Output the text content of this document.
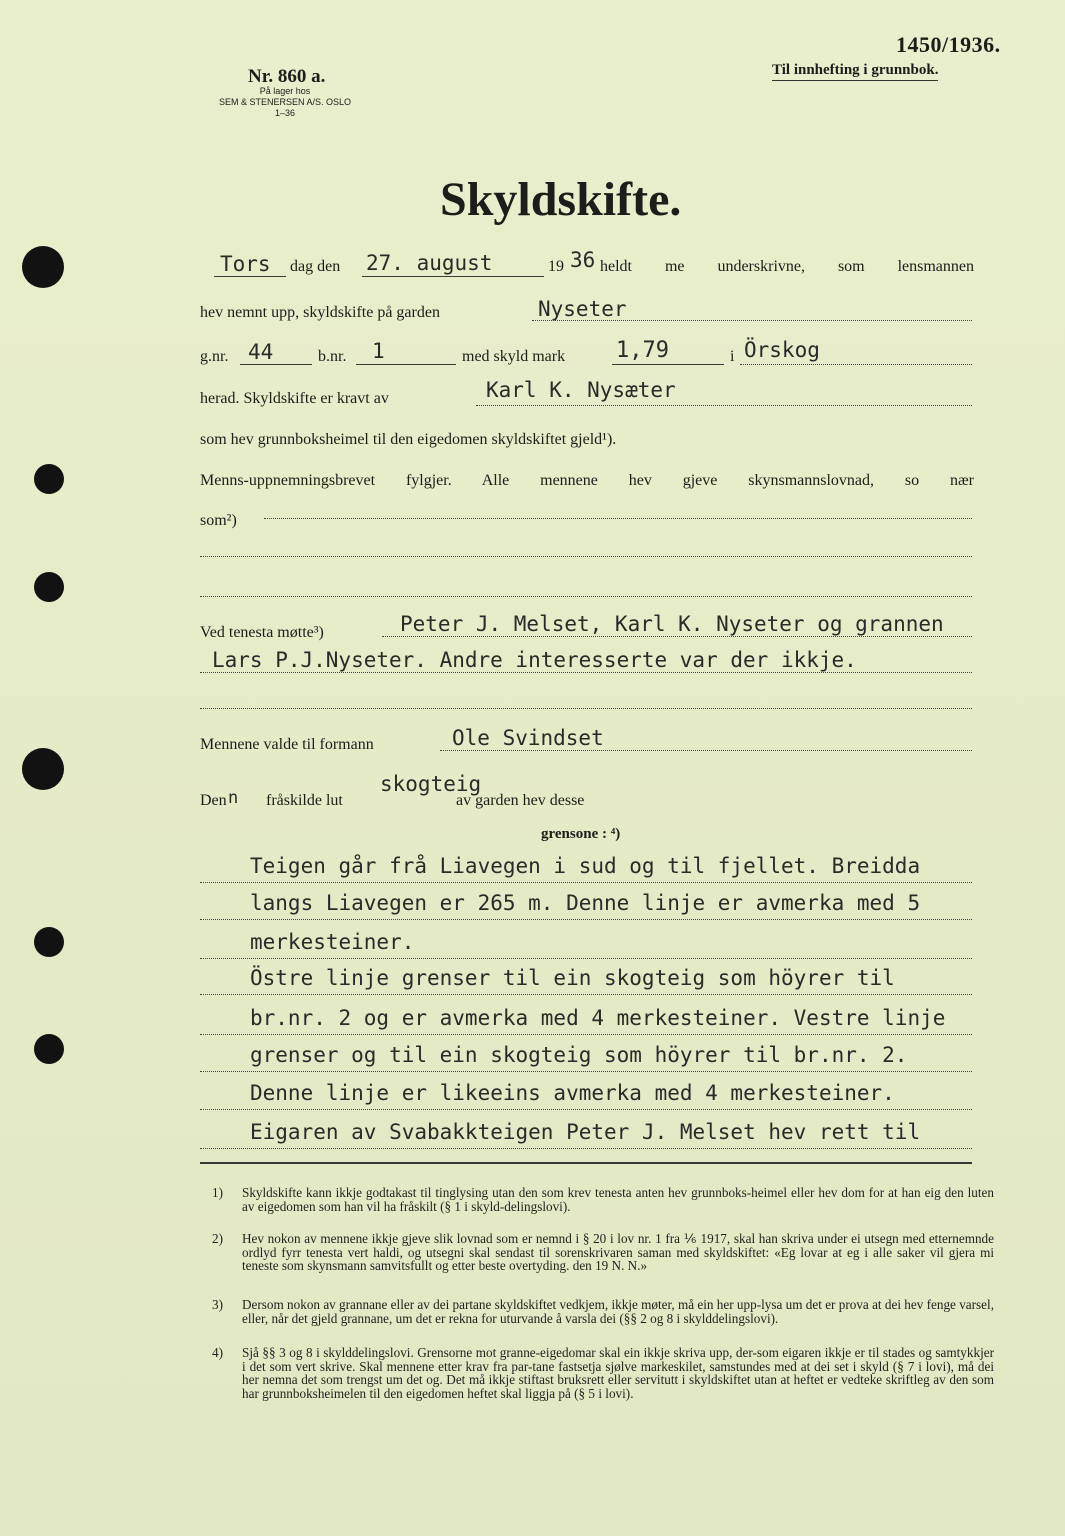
Nr. 860 a.
På lager hos
SEM & STENERSEN A/S. OSLO
1–36
1450/1936.
Til innhefting i grunnbok.
Skyldskifte.
Tors dag den 27. august	19 36 heldt me underskrivne, som lensmannen
hev nemnt upp, skyldskifte på garden	Nyseter
g.nr. 44	b.nr. 1	med skyld mark 1,79	i Örskog
herad. Skyldskifte er kravt av	Karl K. Nysæter
som hev grunnboksheimel til den eigedomen skyldskiftet gjeld¹).
Menns-uppnemningsbrevet fylgjer. Alle mennene hev gjeve skynsmannslovnad, so nær
som²)
Ved tenesta møtte³)	Peter J. Melset, Karl K. Nyseter og grannen
Lars P.J.Nyseter. Andre interesserte var der ikkje.
Mennene valde til formann	Ole Svindset
Den n fråskilde lut
skogteig
av garden hev desse
grensone : ⁴)
Teigen går frå Liavegen i sud og til fjellet. Breidda
langs Liavegen er 265 m. Denne linje er avmerka med 5
merkesteiner.
Östre linje grenser til ein skogteig som höyrer til
br.nr. 2 og er avmerka med 4 merkesteiner. Vestre linje
grenser og til ein skogteig som höyrer til br.nr. 2.
Denne linje er likeeins avmerka med 4 merkesteiner.
Eigaren av Svabakkteigen Peter J. Melset hev rett til
1) Skyldskifte kann ikkje godtakast til tinglysing utan den som krev tenesta anten hev grunnboks-heimel eller hev dom for at han eig den luten av eigedomen som han vil ha fråskilt (§ 1 i skyld-delingslovi).
2) Hev nokon av mennene ikkje gjeve slik lovnad som er nemnd i § 20 i lov nr. 1 fra ⅙ 1917, skal han skriva under ei utsegn med etternemnde ordlyd fyrr tenesta vert haldi, og utsegni skal sendast til sorenskrivaren saman med skyldskiftet: «Eg lovar at eg i alle saker vil gjera mi teneste som skynsmann samvitsfullt og etter beste overtyding. den 19 N. N.»
3) Dersom nokon av grannane eller av dei partane skyldskiftet vedkjem, ikkje møter, må ein her upp-lysa um det er prova at dei hev fenge varsel, eller, når det gjeld grannane, um det er rekna for uturvande å varsla dei (§§ 2 og 8 i skylddelingslovi).
4) Sjå §§ 3 og 8 i skylddelingslovi. Grensorne mot granne-eigedomar skal ein ikkje skriva upp, der-som eigaren ikkje er til stades og samtykkjer i det som vert skrive. Skal mennene etter krav fra par-tane fastsetja sjølve markeskilet, samstundes med at dei set i skyld (§ 7 i lovi), må dei her nemna det som trengst um det og. Det må ikkje stiftast bruksrett eller servitutt i skyldskiftet utan at heftet er vedteke skriftleg av den som har grunnboksheimelen til den eigedomen heftet skal liggja på (§ 5 i lovi).
